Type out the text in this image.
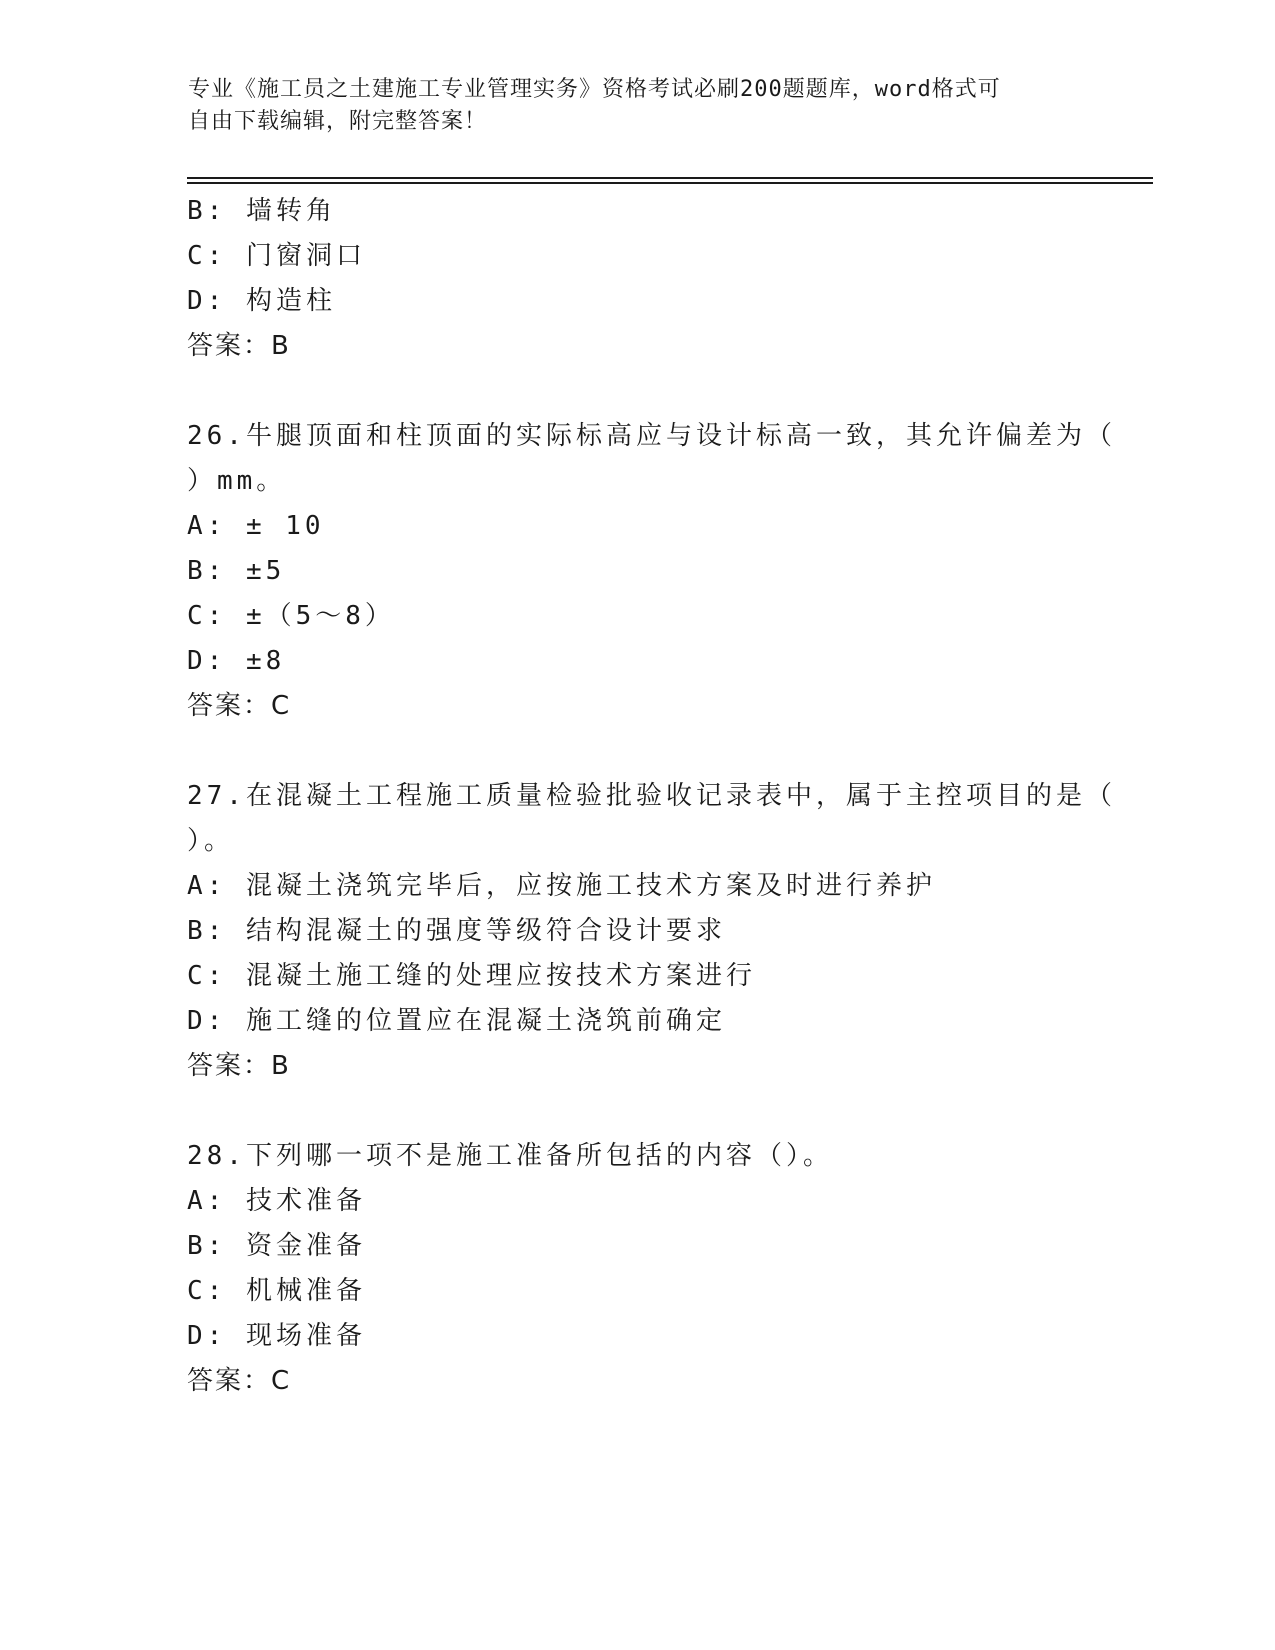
专业《施工员之土建施工专业管理实务》资格考试必刷200题题库，word格式可
自由下载编辑，附完整答案！
B: 墙转角
C: 门窗洞口
D: 构造柱
答案：B
26.牛腿顶面和柱顶面的实际标高应与设计标高一致，其允许偏差为（
）mm。
A: ± 10
B: ±5
C: ±（5～8）
D: ±8
答案：C
27.在混凝土工程施工质量检验批验收记录表中，属于主控项目的是（
）。
A: 混凝土浇筑完毕后，应按施工技术方案及时进行养护
B: 结构混凝土的强度等级符合设计要求
C: 混凝土施工缝的处理应按技术方案进行
D: 施工缝的位置应在混凝土浇筑前确定
答案：B
28.下列哪一项不是施工准备所包括的内容（）。
A: 技术准备
B: 资金准备
C: 机械准备
D: 现场准备
答案：C
